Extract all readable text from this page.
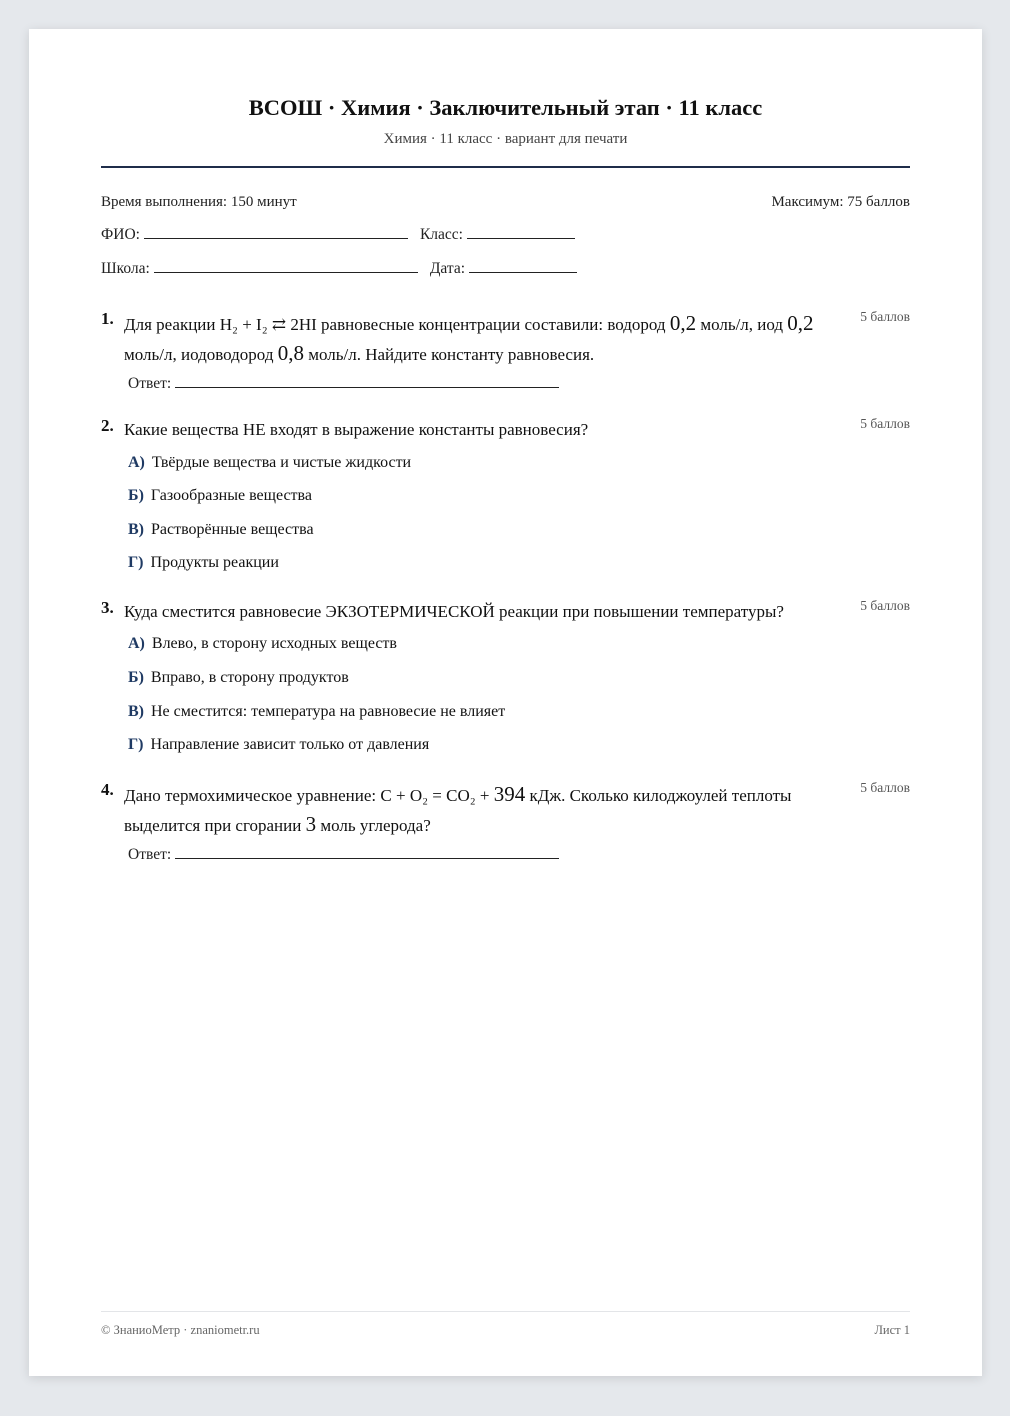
ВСОШ · Химия · Заключительный этап · 11 класс
Химия · 11 класс · вариант для печати
Время выполнения: 150 минут	Максимум: 75 баллов
ФИО:	Класс:
Школа:	Дата:
1. Для реакции H₂ + I₂ ⇄ 2HI равновесные концентрации составили: водород 0,2 моль/л, иод 0,2 моль/л, иодоводород 0,8 моль/л. Найдите константу равновесия.
5 баллов
Ответ:
2. Какие вещества НЕ входят в выражение константы равновесия?	5 баллов
А) Твёрдые вещества и чистые жидкости
Б) Газообразные вещества
В) Растворённые вещества
Г) Продукты реакции
3. Куда сместится равновесие ЭКЗОТЕРМИЧЕСКОЙ реакции при повышении температуры?	5 баллов
А) Влево, в сторону исходных веществ
Б) Вправо, в сторону продуктов
В) Не сместится: температура на равновесие не влияет
Г) Направление зависит только от давления
4. Дано термохимическое уравнение: C + O₂ = CO₂ + 394 кДж. Сколько килоджоулей теплоты выделится при сгорании 3 моль углерода?
5 баллов
Ответ:
© ЗнаниоМетр · znaniometr.ru	Лист 1
